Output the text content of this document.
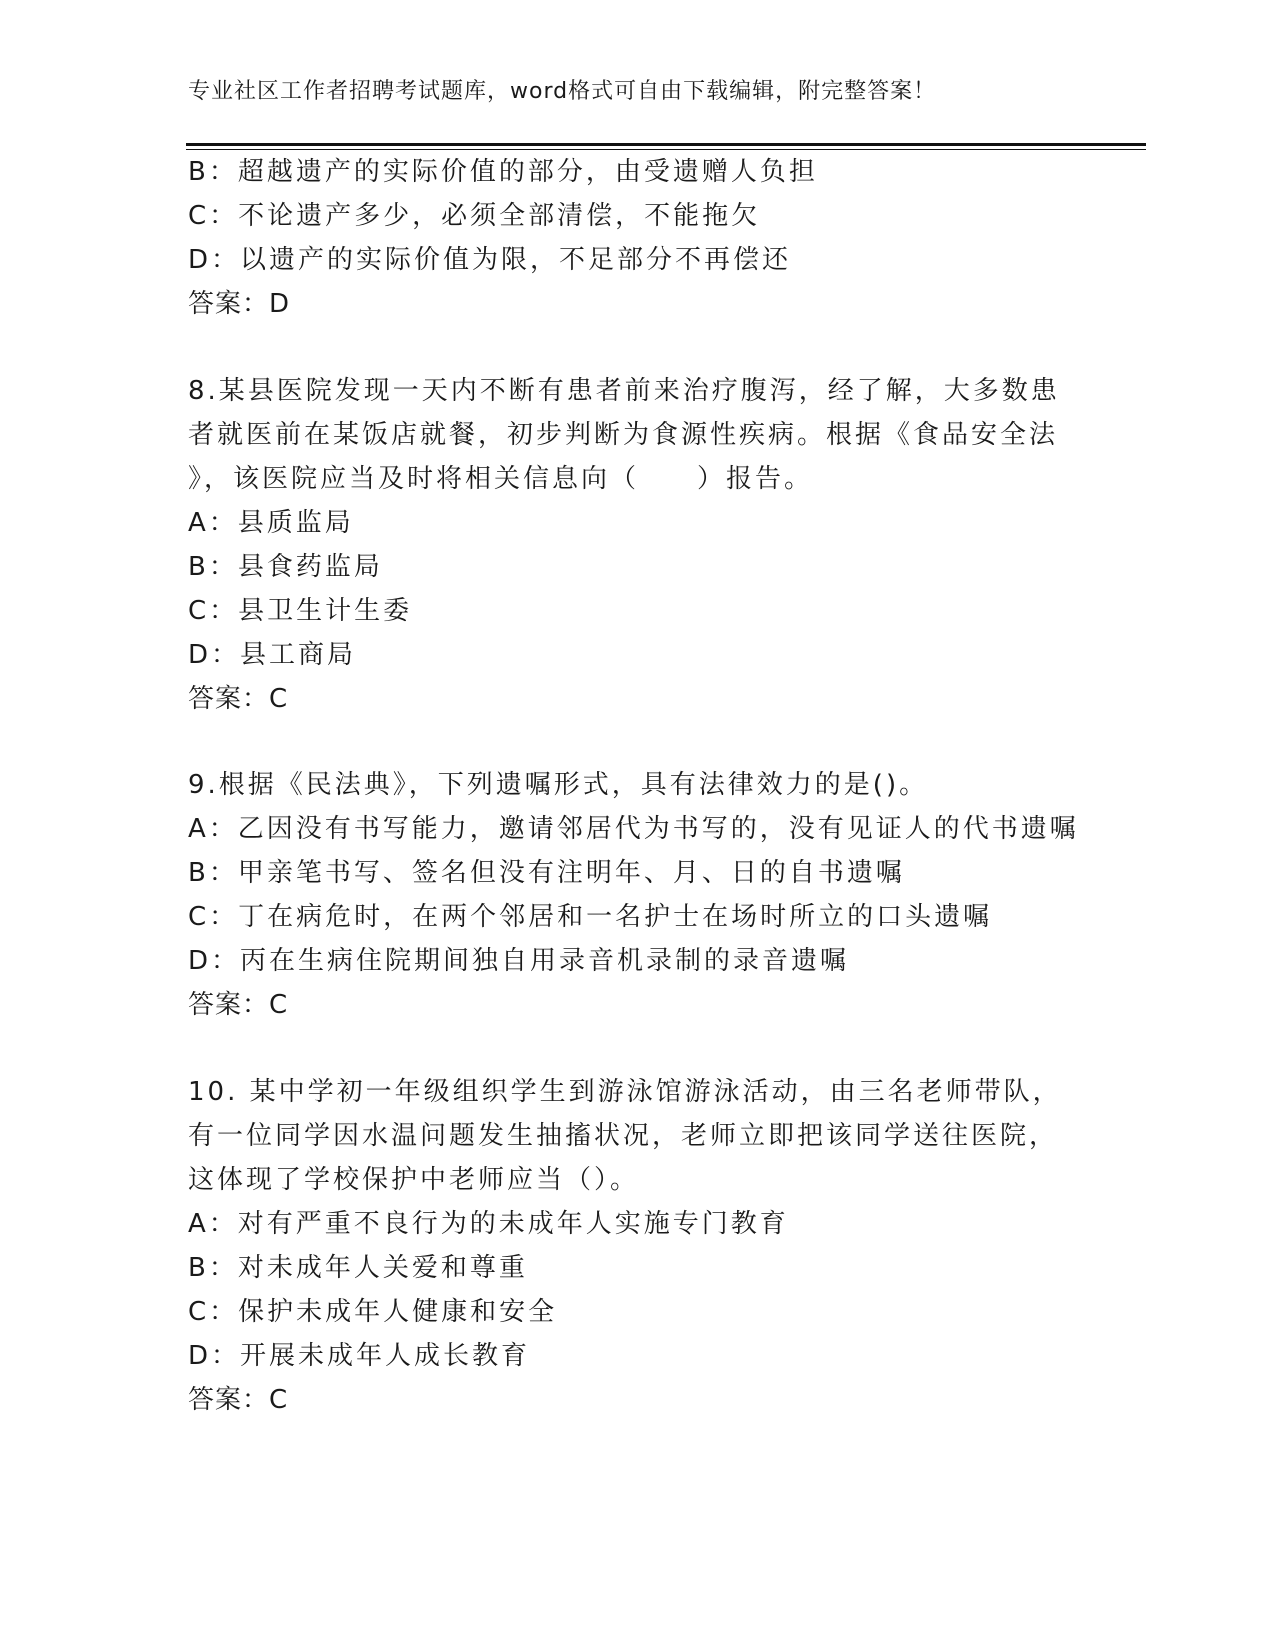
专业社区工作者招聘考试题库，word格式可自由下载编辑，附完整答案！
B：超越遗产的实际价值的部分，由受遗赠人负担
C：不论遗产多少，必须全部清偿，不能拖欠
D：以遗产的实际价值为限，不足部分不再偿还
答案：D
8.某县医院发现一天内不断有患者前来治疗腹泻，经了解，大多数患
者就医前在某饭店就餐，初步判断为食源性疾病。根据《食品安全法
》，该医院应当及时将相关信息向（　　）报告。
A：县质监局
B：县食药监局
C：县卫生计生委
D：县工商局
答案：C
9.根据《民法典》，下列遗嘱形式，具有法律效力的是()。
A：乙因没有书写能力，邀请邻居代为书写的，没有见证人的代书遗嘱
B：甲亲笔书写、签名但没有注明年、月、日的自书遗嘱
C：丁在病危时，在两个邻居和一名护士在场时所立的口头遗嘱
D：丙在生病住院期间独自用录音机录制的录音遗嘱
答案：C
10. 某中学初一年级组织学生到游泳馆游泳活动，由三名老师带队，
有一位同学因水温问题发生抽搐状况，老师立即把该同学送往医院，
这体现了学校保护中老师应当（）。
A：对有严重不良行为的未成年人实施专门教育
B：对未成年人关爱和尊重
C：保护未成年人健康和安全
D：开展未成年人成长教育
答案：C
